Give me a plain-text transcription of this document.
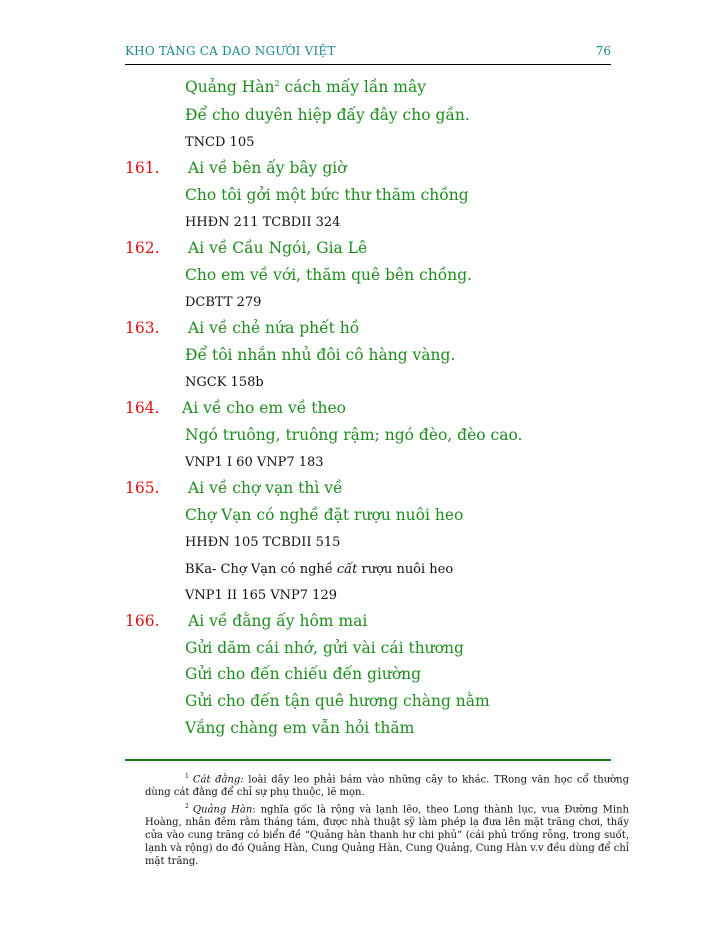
KHO TÀNG CA DAO NGƯỜI VIỆT	76
Quảng Hàn$^2$ cách mấy lần mây
Để cho duyên hiệp đấy đây cho gần.
TNCD 105
161. Ai về bên ấy bây giờ
Cho tôi gởi một bức thư thăm chồng
HHĐN 211 TCBDII 324
162. Ai về Cầu Ngói, Gia Lê
Cho em về với, thăm quê bên chồng.
DCBTT 279
163. Ai về chẻ nứa phết hồ
Để tôi nhắn nhủ đôi cô hàng vàng.
NGCK 158b
164. Ai về cho em về theo
Ngó truông, truông rậm; ngó đèo, đèo cao.
VNP1 I 60 VNP7 183
165. Ai về chợ vạn thì về
Chợ Vạn có nghề đặt rượu nuôi heo
HHĐN 105 TCBDII 515
BKa- Chợ Vạn có nghề cất rượu nuôi heo
VNP1 II 165 VNP7 129
166. Ai về đằng ấy hôm mai
Gửi dăm cái nhớ, gửi vài cái thương
Gửi cho đến chiếu đến giường
Gửi cho đến tận quê hương chàng nằm
Vắng chàng em vẫn hỏi thăm
$^1$ Cát đằng: loài dây leo phải bám vào những cây to khác. TRong văn học cổ thường dùng cát đằng để chỉ sự phụ thuộc, lẽ mọn.
$^2$ Quảng Hàn: nghĩa gốc là rộng và lạnh lẽo, theo Long thành lục, vua Đường Minh Hoàng, nhân đêm rằm tháng tám, được nhà thuật sỹ làm phép lạ đưa lên mặt trăng chơi, thấy cửa vào cung trăng có biển đề “Quảng hàn thanh hư chi phủ” (cái phủ trống rỗng, trong suốt, lạnh và rộng) do đó Quảng Hàn, Cung Quảng Hàn, Cung Quảng, Cung Hàn v.v đều dùng để chỉ mặt trăng.
